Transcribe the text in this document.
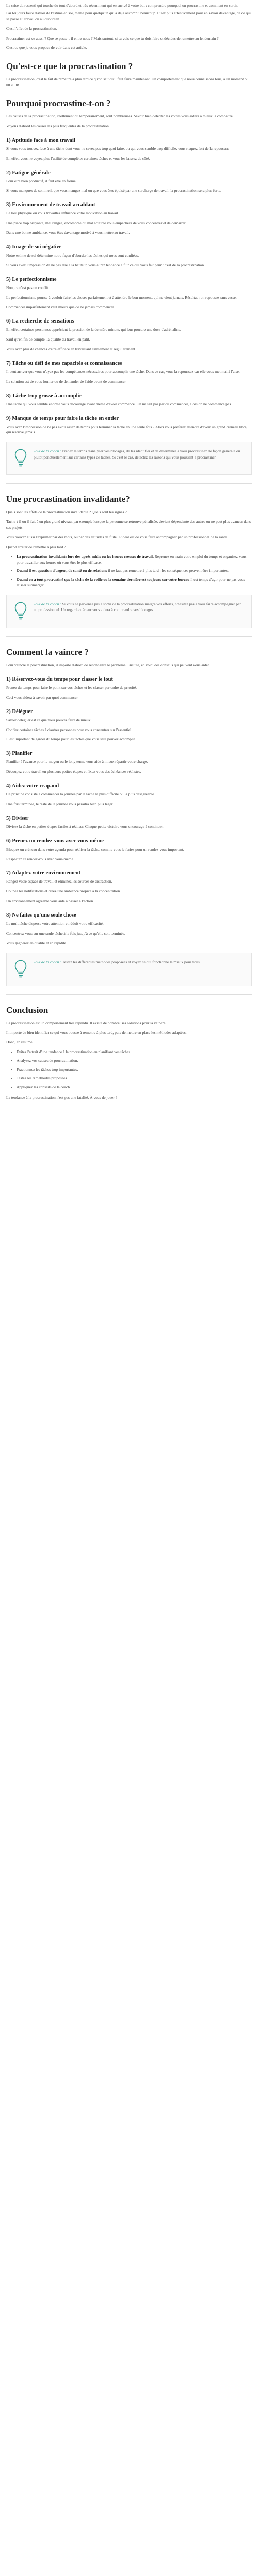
La crise du ressenti qui touche du tout d'abord et très récemment qui est arrivé à votre but : comprendre pourquoi on procrastine et comment en sortir.

Par toujours faute d'avoir de l'estime en soi, même pour quelqu'un qui a déjà accompli beaucoup. Lisez plus attentivement pour en savoir davantage, de ce qui se passe au travail ou au quotidien.

C'est l'effet de la procrastination.

Procrastiner est-ce aussi ? Que se passe-t-il entre nous ? Mais surtout, si tu vois ce que tu dois faire et décides de remettre au lendemain ?

C'est ce que je vous propose de voir dans cet article.

Qu'est-ce que la procrastination ?

La procrastination, c'est le fait de remettre à plus tard ce qu'on sait qu'il faut faire maintenant. Un comportement que nous connaissons tous, à un moment ou un autre.

Pourquoi procrastine-t-on ?

Les causes de la procrastination, réellement ou temporairement, sont nombreuses. Savoir bien détecter les vôtres vous aidera à mieux la combattre.

Voyons d'abord les causes les plus fréquentes de la procrastination.

1) Aptitude face à mon travail

Si vous vous trouvez face à une tâche dont vous ne savez pas trop quoi faire, ou qui vous semble trop difficile, vous risquez fort de la repousser.

En effet, vous ne voyez plus l'utilité de compléter certaines tâches et vous les laissez de côté.

2) Fatigue générale

Pour être bien productif, il faut être en forme.

Si vous manquez de sommeil, que vous mangez mal ou que vous êtes épuisé par une surcharge de travail, la procrastination sera plus forte.

3) Environnement de travail accablant

Le lieu physique où vous travaillez influence votre motivation au travail.

Une pièce trop bruyante, mal rangée, encombrée ou mal éclairée vous empêchera de vous concentrer et de démarrer.

Dans une bonne ambiance, vous êtes davantage motivé à vous mettre au travail.

4) Image de soi négative

Notre estime de soi détermine notre façon d'aborder les tâches qui nous sont confiées.

Si vous avez l'impression de ne pas être à la hauteur, vous aurez tendance à fuir ce qui vous fait peur : c'est de la procrastination.

5) Le perfectionnisme

Non, ce n'est pas un conflit.

Le perfectionnisme pousse à vouloir faire les choses parfaitement et à attendre le bon moment, qui ne vient jamais. Résultat : on repousse sans cesse.

Commencer imparfaitement vaut mieux que de ne jamais commencer.

6) La recherche de sensations

En effet, certaines personnes apprécient la pression de la dernière minute, qui leur procure une dose d'adrénaline.

Sauf qu'en fin de compte, la qualité du travail en pâtit.

Vous avez plus de chances d'être efficace en travaillant calmement et régulièrement.

7) Tâche ou défi de mes capacités et connaissances

Il peut arriver que vous n'ayez pas les compétences nécessaires pour accomplir une tâche. Dans ce cas, vous la repoussez car elle vous met mal à l'aise.

La solution est de vous former ou de demander de l'aide avant de commencer.

8) Tâche trop grosse à accomplir

Une tâche qui vous semble énorme vous décourage avant même d'avoir commencé. On ne sait pas par où commencer, alors on ne commence pas.

9) Manque de temps pour faire la tâche en entier

Vous avez l'impression de ne pas avoir assez de temps pour terminer la tâche en une seule fois ? Alors vous préférez attendre d'avoir un grand créneau libre, qui n'arrive jamais.

Tout de la coach : Prenez le temps d'analyser vos blocages, de les identifier et de déterminer à vous procrastinez de façon générale ou plutôt ponctuellement sur certains types de tâches. Si c'est le cas, détectez les raisons qui vous poussent à procrastiner.
Une procrastination invalidante?

Quels sont les effets de la procrastination invalidante ? Quels sont les signes ?

Tache-t-il ou-il fait à un plus grand niveau, par exemple lorsque la personne se retrouve pénalisée, devient dépendante des autres ou ne peut plus avancer dans ses projets.

Vous pouvez aussi l'exprimer par des mots, ou par des attitudes de fuite. L'idéal est de vous faire accompagner par un professionnel de la santé.

Quand arrêter de remettre à plus tard ?

• La procrastination invalidante lors des aprés-midis ou les heures creuses de travail. Reprenez en main votre emploi du temps et organisez-vous pour travailler aux heures où vous êtes le plus efficace.
• Quand il est question d'argent, de santé ou de relations il ne faut pas remettre à plus tard : les conséquences peuvent être importantes.
• Quand on a tout procrastiné que la tâche de la veille ou la semaine dernière est toujours sur votre bureau il est temps d'agir pour ne pas vous laisser submerger.
Tout de la coach : Si vous ne parvenez pas à sortir de la procrastination malgré vos efforts, n'hésitez pas à vous faire accompagner par un professionnel. Un regard extérieur vous aidera à comprendre vos blocages.
Comment la vaincre ?

Pour vaincre la procrastination, il importe d'abord de reconnaître le problème. Ensuite, en voici des conseils qui peuvent vous aider.

1) Réservez-vous du temps pour classer le tout

Prenez du temps pour faire le point sur vos tâches et les classer par ordre de priorité.

Ceci vous aidera à savoir par quoi commencer.

2) Déléguer

Savoir déléguer est ce que vous pouvez faire de mieux.

Confiez certaines tâches à d'autres personnes pour vous concentrer sur l'essentiel.

Il est important de garder du temps pour les tâches que vous seul pouvez accomplir.

3) Planifier

Planifier à l'avance pour le moyen ou le long terme vous aide à mieux répartir votre charge.

Découpez votre travail en plusieurs petites étapes et fixez-vous des échéances réalistes.

4) Aidez votre crapaud

Ce principe consiste à commencer la journée par la tâche la plus difficile ou la plus désagréable.

Une fois terminée, le reste de la journée vous paraîtra bien plus léger.

5) Diviser

Divisez la tâche en petites étapes faciles à réaliser. Chaque petite victoire vous encourage à continuer.

6) Prenez un rendez-vous avec vous-même

Bloquez un créneau dans votre agenda pour réaliser la tâche, comme vous le feriez pour un rendez-vous important.

Respectez ce rendez-vous avec vous-même.

7) Adaptez votre environnement

Rangez votre espace de travail et éliminez les sources de distraction.

Coupez les notifications et créez une ambiance propice à la concentration.

Un environnement agréable vous aide à passer à l'action.

8) Ne faites qu'une seule chose

Le multitâche disperse votre attention et réduit votre efficacité.

Concentrez-vous sur une seule tâche à la fois jusqu'à ce qu'elle soit terminée.

Vous gagnerez en qualité et en rapidité.

Tout de la coach : Testez les différentes méthodes proposées et voyez ce qui fonctionne le mieux pour vous.
Conclusion

La procrastination est un comportement très répandu. Il existe de nombreuses solutions pour la vaincre.

Il importe de bien identifier ce qui vous pousse à remettre à plus tard, puis de mettre en place les méthodes adaptées.

Donc, en résumé :

• Évitez l'attrait d'une tendance à la procrastination en planifiant vos tâches.
• Analysez vos causes de procrastination.
• Fractionnez les tâches trop importantes.
• Testez les 8 méthodes proposées.
• Appliquez les conseils de la coach.

La tendance à la procrastination n'est pas une fatalité. À vous de jouer !
